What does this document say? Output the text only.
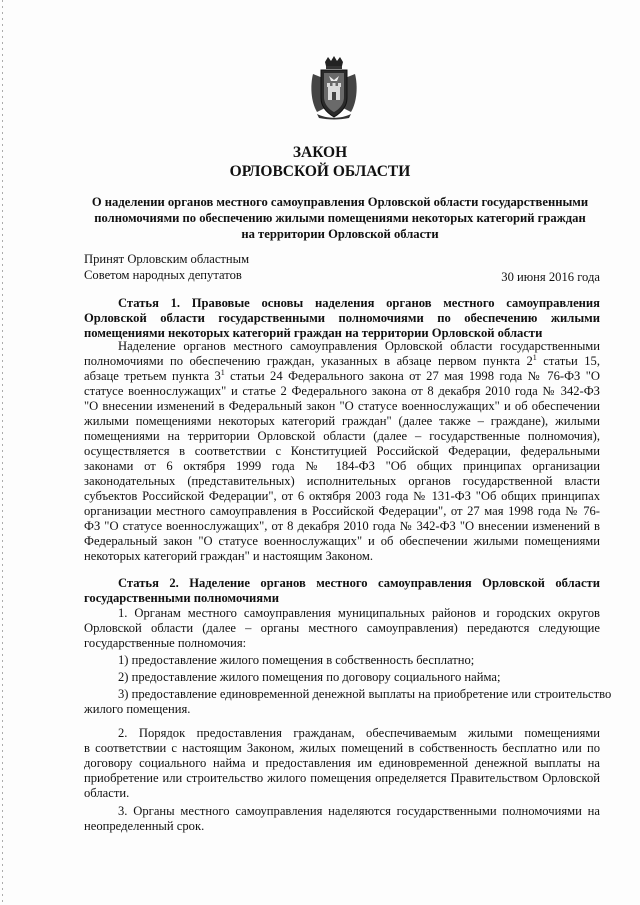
ЗАКОН
ОРЛОВСКОЙ ОБЛАСТИ
О наделении органов местного самоуправления Орловской области государственными
полномочиями по обеспечению жилыми помещениями некоторых категорий граждан
на территории Орловской области
Принят Орловским областным
Советом народных депутатов	30 июня 2016 года
Статья 1. Правовые основы наделения органов местного самоуправления
Орловской области государственными полномочиями по обеспечению жилыми
помещениями некоторых категорий граждан на территории Орловской области
Наделение органов местного самоуправления Орловской области государственными
полномочиями по обеспечению граждан, указанных в абзаце первом пункта $2^1$ статьи 15,
абзаце третьем пункта $3^1$ статьи 24 Федерального закона от 27 мая 1998 года № 76-ФЗ "О
статусе военнослужащих" и статье 2 Федерального закона от 8 декабря 2010 года № 342-ФЗ
"О внесении изменений в Федеральный закон "О статусе военнослужащих" и об обеспечении
жилыми помещениями некоторых категорий граждан" (далее также – граждане), жилыми
помещениями на территории Орловской области (далее – государственные полномочия),
осуществляется в соответствии с Конституцией Российской Федерации, федеральными
законами от 6 октября 1999 года № 184-ФЗ "Об общих принципах организации
законодательных (представительных) исполнительных органов государственной власти
субъектов Российской Федерации", от 6 октября 2003 года № 131-ФЗ "Об общих принципах
организации местного самоуправления в Российской Федерации", от 27 мая 1998 года № 76-
ФЗ "О статусе военнослужащих", от 8 декабря 2010 года № 342-ФЗ "О внесении изменений в
Федеральный закон "О статусе военнослужащих" и об обеспечении жилыми помещениями
некоторых категорий граждан" и настоящим Законом.
Статья 2. Наделение органов местного самоуправления Орловской области
государственными полномочиями
1. Органам местного самоуправления муниципальных районов и городских округов
Орловской области (далее – органы местного самоуправления) передаются следующие
государственные полномочия:
1) предоставление жилого помещения в собственность бесплатно;
2) предоставление жилого помещения по договору социального найма;
3) предоставление единовременной денежной выплаты на приобретение или строительство
жилого помещения.
2. Порядок предоставления гражданам, обеспечиваемым жилыми помещениями
в соответствии с настоящим Законом, жилых помещений в собственность бесплатно или по
договору социального найма и предоставления им единовременной денежной выплаты на
приобретение или строительство жилого помещения определяется Правительством Орловской
области.
3. Органы местного самоуправления наделяются государственными полномочиями на
неопределенный срок.
